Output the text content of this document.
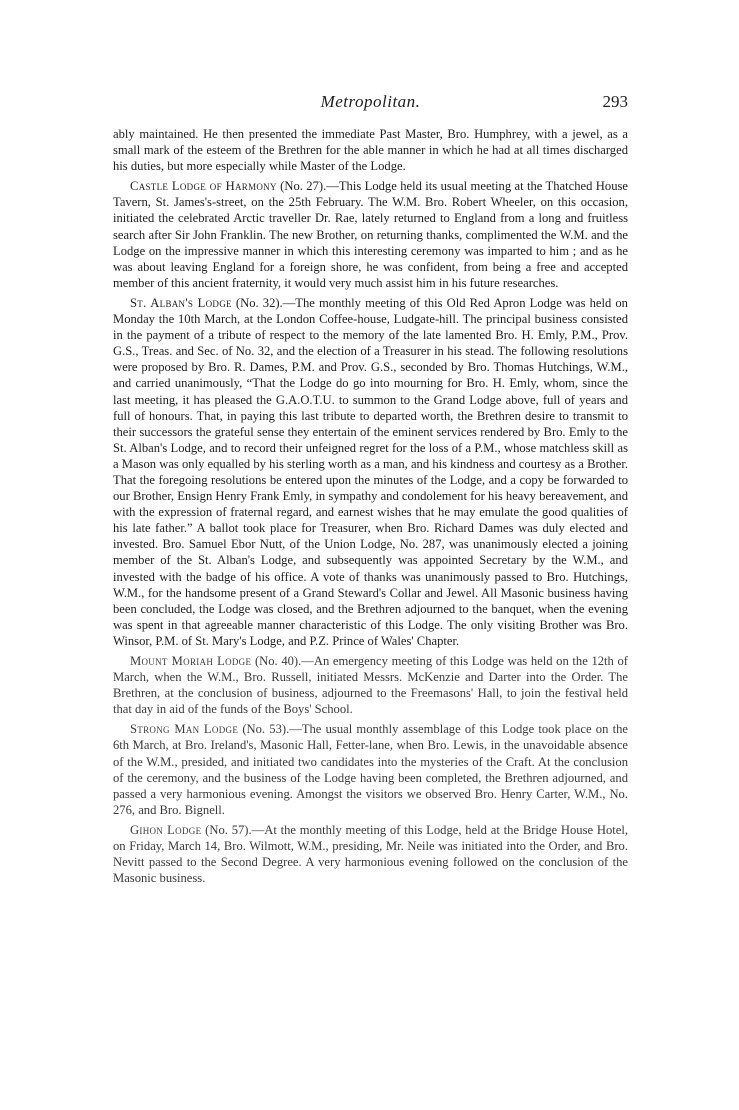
Metropolitan.	293

ably maintained. He then presented the immediate Past Master, Bro. Humphrey, with a jewel, as a small mark of the esteem of the Brethren for the able manner in which he had at all times discharged his duties, but more especially while Master of the Lodge.

Castle Lodge of Harmony (No. 27).—This Lodge held its usual meeting at the Thatched House Tavern, St. James's-street, on the 25th February. The W.M. Bro. Robert Wheeler, on this occasion, initiated the celebrated Arctic traveller Dr. Rae, lately returned to England from a long and fruitless search after Sir John Franklin. The new Brother, on returning thanks, complimented the W.M. and the Lodge on the impressive manner in which this interesting ceremony was imparted to him ; and as he was about leaving England for a foreign shore, he was confident, from being a free and accepted member of this ancient fraternity, it would very much assist him in his future researches.

St. Alban's Lodge (No. 32).—The monthly meeting of this Old Red Apron Lodge was held on Monday the 10th March, at the London Coffee-house, Ludgate-hill. The principal business consisted in the payment of a tribute of respect to the memory of the late lamented Bro. H. Emly, P.M., Prov. G.S., Treas. and Sec. of No. 32, and the election of a Treasurer in his stead. The following resolutions were proposed by Bro. R. Dames, P.M. and Prov. G.S., seconded by Bro. Thomas Hutchings, W.M., and carried unanimously, “That the Lodge do go into mourning for Bro. H. Emly, whom, since the last meeting, it has pleased the G.A.O.T.U. to summon to the Grand Lodge above, full of years and full of honours. That, in paying this last tribute to departed worth, the Brethren desire to transmit to their successors the grateful sense they entertain of the eminent services rendered by Bro. Emly to the St. Alban's Lodge, and to record their unfeigned regret for the loss of a P.M., whose matchless skill as a Mason was only equalled by his sterling worth as a man, and his kindness and courtesy as a Brother. That the foregoing resolutions be entered upon the minutes of the Lodge, and a copy be forwarded to our Brother, Ensign Henry Frank Emly, in sympathy and condolement for his heavy bereavement, and with the expression of fraternal regard, and earnest wishes that he may emulate the good qualities of his late father.” A ballot took place for Treasurer, when Bro. Richard Dames was duly elected and invested. Bro. Samuel Ebor Nutt, of the Union Lodge, No. 287, was unanimously elected a joining member of the St. Alban's Lodge, and subsequently was appointed Secretary by the W.M., and invested with the badge of his office. A vote of thanks was unanimously passed to Bro. Hutchings, W.M., for the handsome present of a Grand Steward's Collar and Jewel. All Masonic business having been concluded, the Lodge was closed, and the Brethren adjourned to the banquet, when the evening was spent in that agreeable manner characteristic of this Lodge. The only visiting Brother was Bro. Winsor, P.M. of St. Mary's Lodge, and P.Z. Prince of Wales' Chapter.

Mount Moriah Lodge (No. 40).—An emergency meeting of this Lodge was held on the 12th of March, when the W.M., Bro. Russell, initiated Messrs. McKenzie and Darter into the Order. The Brethren, at the conclusion of business, adjourned to the Freemasons' Hall, to join the festival held that day in aid of the funds of the Boys' School.

Strong Man Lodge (No. 53).—The usual monthly assemblage of this Lodge took place on the 6th March, at Bro. Ireland's, Masonic Hall, Fetter-lane, when Bro. Lewis, in the unavoidable absence of the W.M., presided, and initiated two candidates into the mysteries of the Craft. At the conclusion of the ceremony, and the business of the Lodge having been completed, the Brethren adjourned, and passed a very harmonious evening. Amongst the visitors we observed Bro. Henry Carter, W.M., No. 276, and Bro. Bignell.

Gihon Lodge (No. 57).—At the monthly meeting of this Lodge, held at the Bridge House Hotel, on Friday, March 14, Bro. Wilmott, W.M., presiding, Mr. Neile was initiated into the Order, and Bro. Nevitt passed to the Second Degree. A very harmonious evening followed on the conclusion of the Masonic business.
